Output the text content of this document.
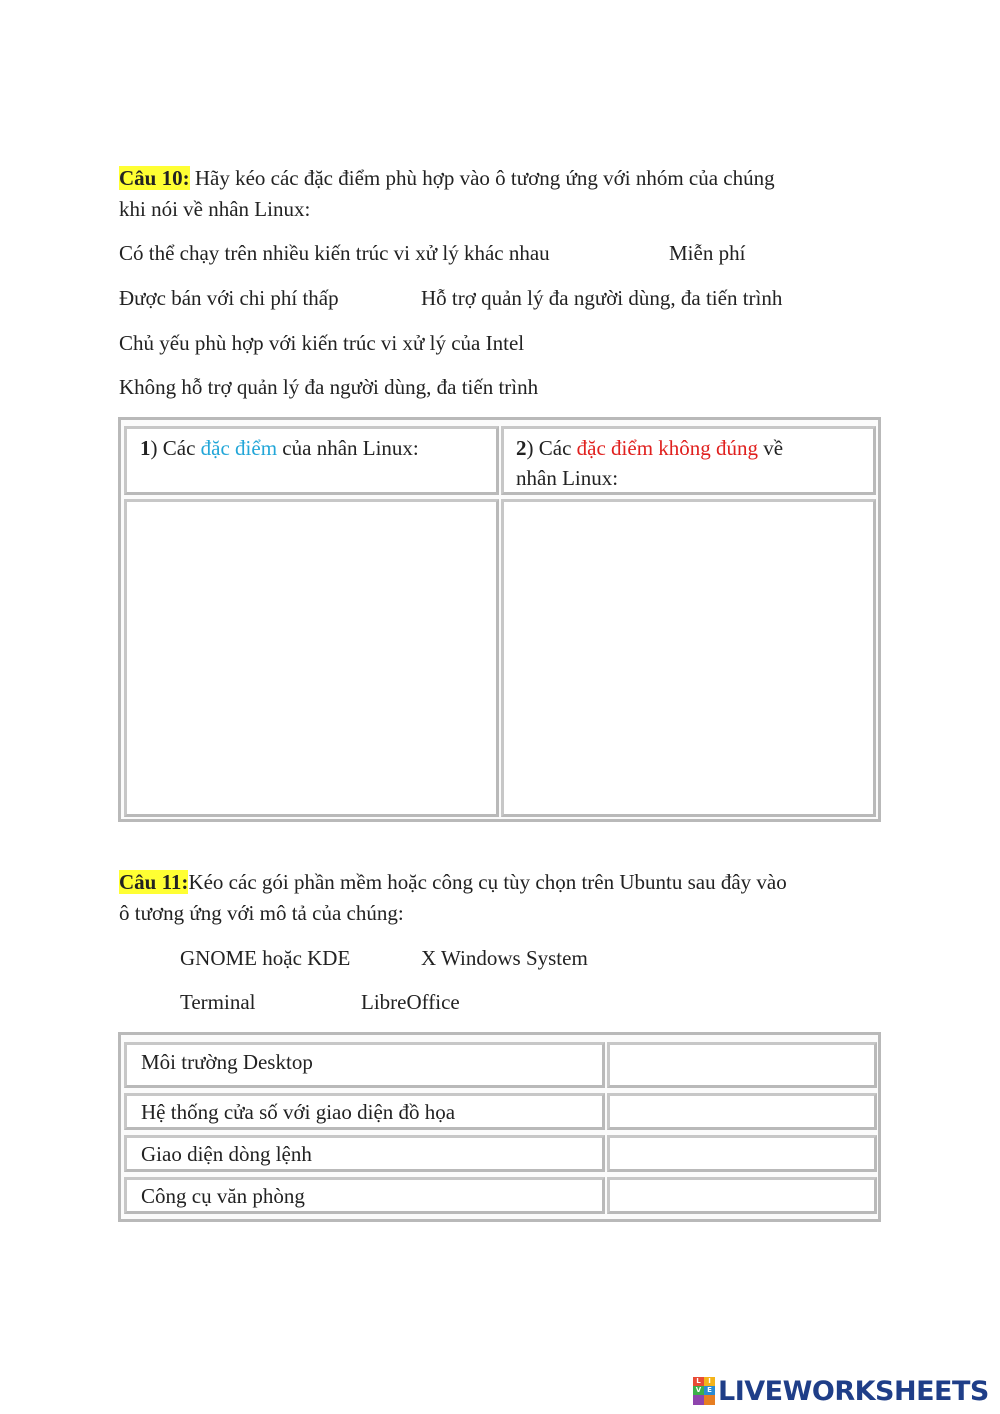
Câu 10: Hãy kéo các đặc điểm phù hợp vào ô tương ứng với nhóm của chúng
khi nói về nhân Linux:
Có thể chạy trên nhiều kiến trúc vi xử lý khác nhau	Miễn phí
Được bán với chi phí thấp	Hỗ trợ quản lý đa người dùng, đa tiến trình
Chủ yếu phù hợp với kiến trúc vi xử lý của Intel
Không hỗ trợ quản lý đa người dùng, đa tiến trình
1) Các đặc điểm của nhân Linux:	2) Các đặc điểm không đúng về
nhân Linux:
Câu 11:Kéo các gói phần mềm hoặc công cụ tùy chọn trên Ubuntu sau đây vào
ô tương ứng với mô tả của chúng:
GNOME hoặc KDE	X Windows System
Terminal	LibreOffice
Môi trường Desktop
Hệ thống cửa số với giao diện đồ họa
Giao diện dòng lệnh
Công cụ văn phòng
L	I
V E LIVEWORKSHEETS
